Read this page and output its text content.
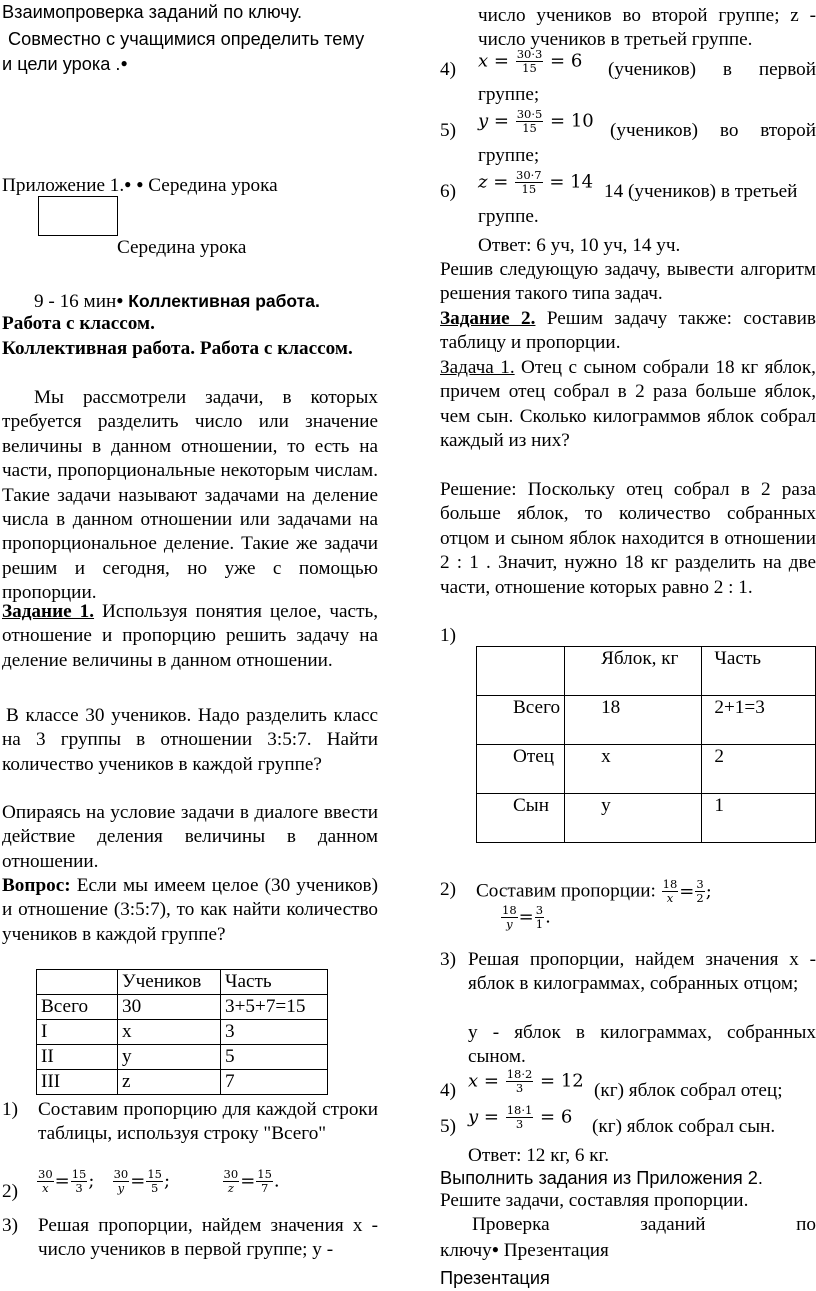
Взаимопроверка заданий по ключу.
Совместно с учащимися определить тему
и цели урока .●
Приложение 1.● ● Середина урока
Середина урока
9 - 16 мин● Коллективная работа.
Работа с классом.
Коллективная работа. Работа с классом.
Мы рассмотрели задачи, в которых требуется разделить число или значение величины в данном отношении, то есть на части, пропорциональные некоторым числам. Такие задачи называют задачами на деление числа в данном отношении или задачами на пропорциональное деление. Такие же задачи решим и сегодня, но уже с помощью пропорции.
Задание 1. Используя понятия целое, часть, отношение и пропорцию решить задачу на деление величины в данном отношении.
В классе 30 учеников. Надо разделить класс на 3 группы в отношении 3:5:7. Найти количество учеников в каждой группе?
Опираясь на условие задачи в диалоге ввести действие деления величины в данном отношении.
Вопрос: Если мы имеем целое (30 учеников) и отношение (3:5:7), то как найти количество учеников в каждой группе?
	Учеников	Часть
Всего	30	3+5+7=15
I	x	3
II	y	5
III	z	7
1) Составим пропорцию для каждой строки таблицы, используя строку "Всего"
$2) \frac{30}{x} = \frac{15}{3}$ ; $\frac{30}{y} = \frac{15}{5}$ ; $\frac{30}{z} = \frac{15}{7}$ .
3) Решая пропорции, найдем значения x - число учеников в первой группе; y -
число учеников во второй группе; z - число учеников в третьей группе.
4) $x = \frac{30\cdot 3}{15} = 6$ (учеников)  в  первой
группе;
5) $y = \frac{30\cdot 5}{15} = 10$ (учеников) во второй
группе;
6) $z = \frac{30\cdot 7}{15} = 14$ 14 (учеников) в третьей
группе.
Ответ: 6 уч, 10 уч, 14 уч.
Решив следующую задачу, вывести алгоритм решения такого типа задач.
Задание 2. Решим задачу также: составив таблицу и пропорции.
Задача 1. Отец с сыном собрали 18 кг яблок, причем отец собрал в 2 раза больше яблок, чем сын. Сколько килограммов яблок собрал каждый из них?
Решение: Поскольку отец собрал в 2 раза больше яблок, то количество собранных отцом и сыном яблок находится в отношении 2 : 1 . Значит, нужно 18 кг разделить на две части, отношение которых равно 2 : 1.
1)
	Яблок, кг	Часть
Всего	18	2+1=3
Отец	x	2
Сын	y	1
2) Составим пропорции: $\frac{18}{x} = \frac{3}{2}$ ;
$\frac{18}{y} = \frac{3}{1}$ .
3) Решая пропорции, найдем значения x - яблок в килограммах, собранных отцом;
y - яблок в килограммах, собранных сыном.
4) $x = \frac{18\cdot 2}{3} = 12$ (кг) яблок собрал отец;
5) $y = \frac{18\cdot 1}{3} = 6$ (кг) яблок собрал сын.
Ответ: 12 кг, 6 кг.
Выполнить задания из Приложения 2.
Решите задачи, составляя пропорции.
Проверка	заданий	по
ключу● Презентация
Презентация
